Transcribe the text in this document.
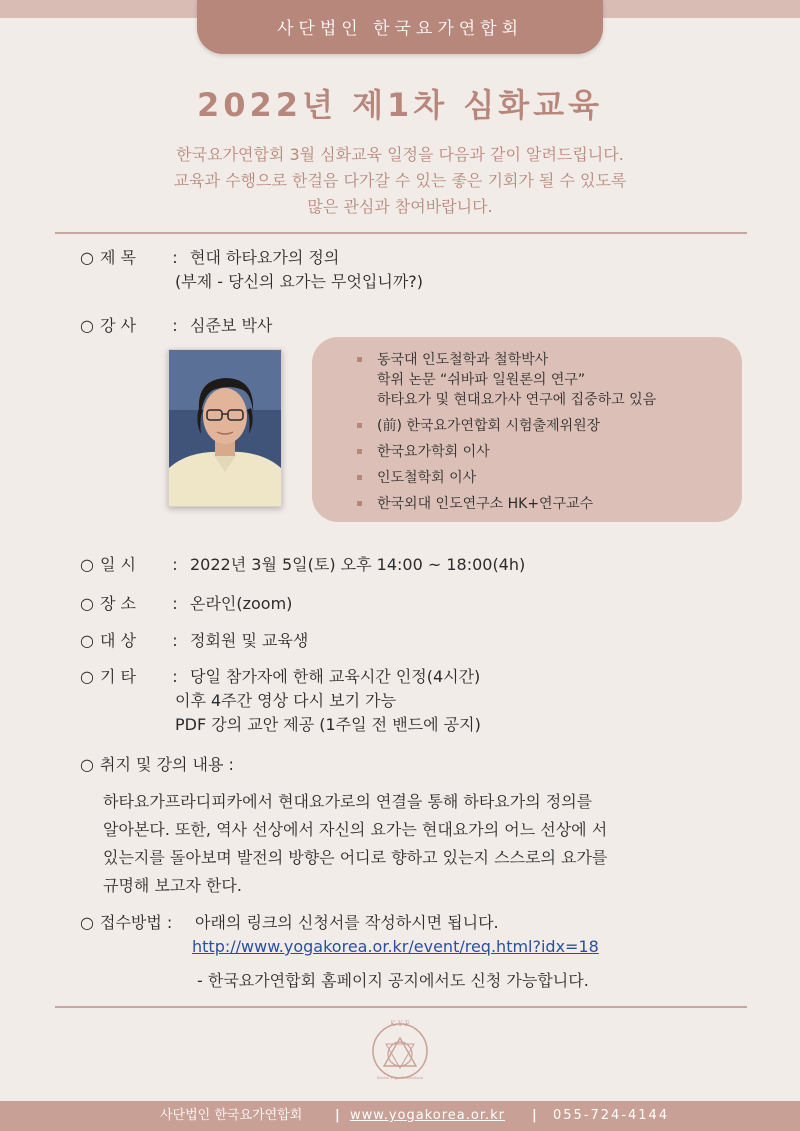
사단법인 한국요가연합회
2022년 제1차 심화교육
한국요가연합회 3월 심화교육 일정을 다음과 같이 알려드립니다.
교육과 수행으로 한걸음 다가갈 수 있는 좋은 기회가 될 수 있도록
많은 관심과 참여바랍니다.
○ 제 목 : 현대 하타요가의 정의
(부제 - 당신의 요가는 무엇입니까?)
○ 강 사 : 심준보 박사
동국대 인도철학과 철학박사
학위 논문 “쉬바파 일원론의 연구”
하타요가 및 현대요가사 연구에 집중하고 있음
(前) 한국요가연합회 시험출제위원장
한국요가학회 이사
인도철학회 이사
한국외대 인도연구소 HK+연구교수
○ 일 시 : 2022년 3월 5일(토) 오후 14:00 ~ 18:00(4h)
○ 장 소 : 온라인(zoom)
○ 대 상 : 정회원 및 교육생
○ 기 타 : 당일 참가자에 한해 교육시간 인정(4시간)
이후 4주간 영상 다시 보기 가능
PDF 강의 교안 제공 (1주일 전 밴드에 공지)
○ 취지 및 강의 내용 :
하타요가프라디피카에서 현대요가로의 연결을 통해 하타요가의 정의를
알아본다. 또한, 역사 선상에서 자신의 요가는 현대요가의 어느 선상에 서
있는지를 돌아보며 발전의 방향은 어디로 향하고 있는지 스스로의 요가를
규명해 보고자 한다.
○ 접수방법 : 아래의 링크의 신청서를 작성하시면 됩니다.
http://www.yogakorea.or.kr/event/req.html?idx=18
- 한국요가연합회 홈페이지 공지에서도 신청 가능합니다.
K·Y·F
Korea Yoga Federation
사단법인 한국요가연합회	| www.yogakorea.or.kr | 055-724-4144
